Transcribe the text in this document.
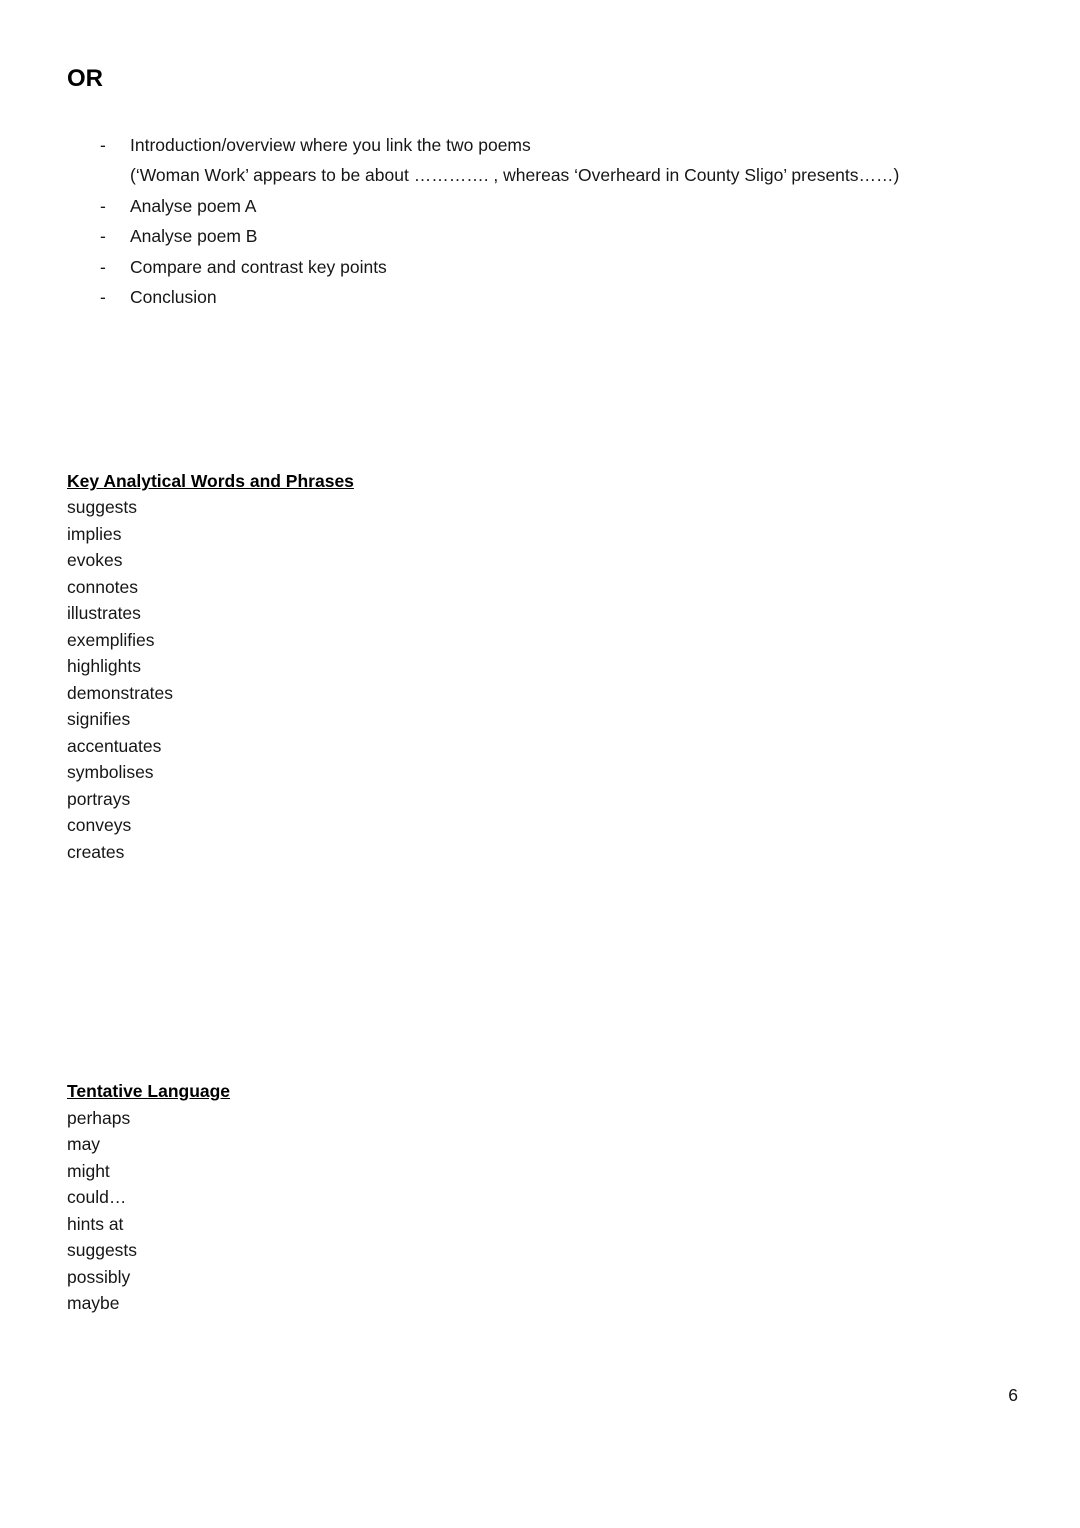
OR
-
Introduction/overview where you link the two poems
(‘Woman Work’ appears to be about …………. , whereas ‘Overheard in County Sligo’ presents……)
-
Analyse poem A
-
Analyse poem B
-
Compare and contrast key points
-
Conclusion
Key Analytical Words and Phrases
suggests
implies
evokes
connotes
illustrates
exemplifies
highlights
demonstrates
signifies
accentuates
symbolises
portrays
conveys
creates
Tentative Language
perhaps
may
might
could…
hints at
suggests
possibly
maybe
6
